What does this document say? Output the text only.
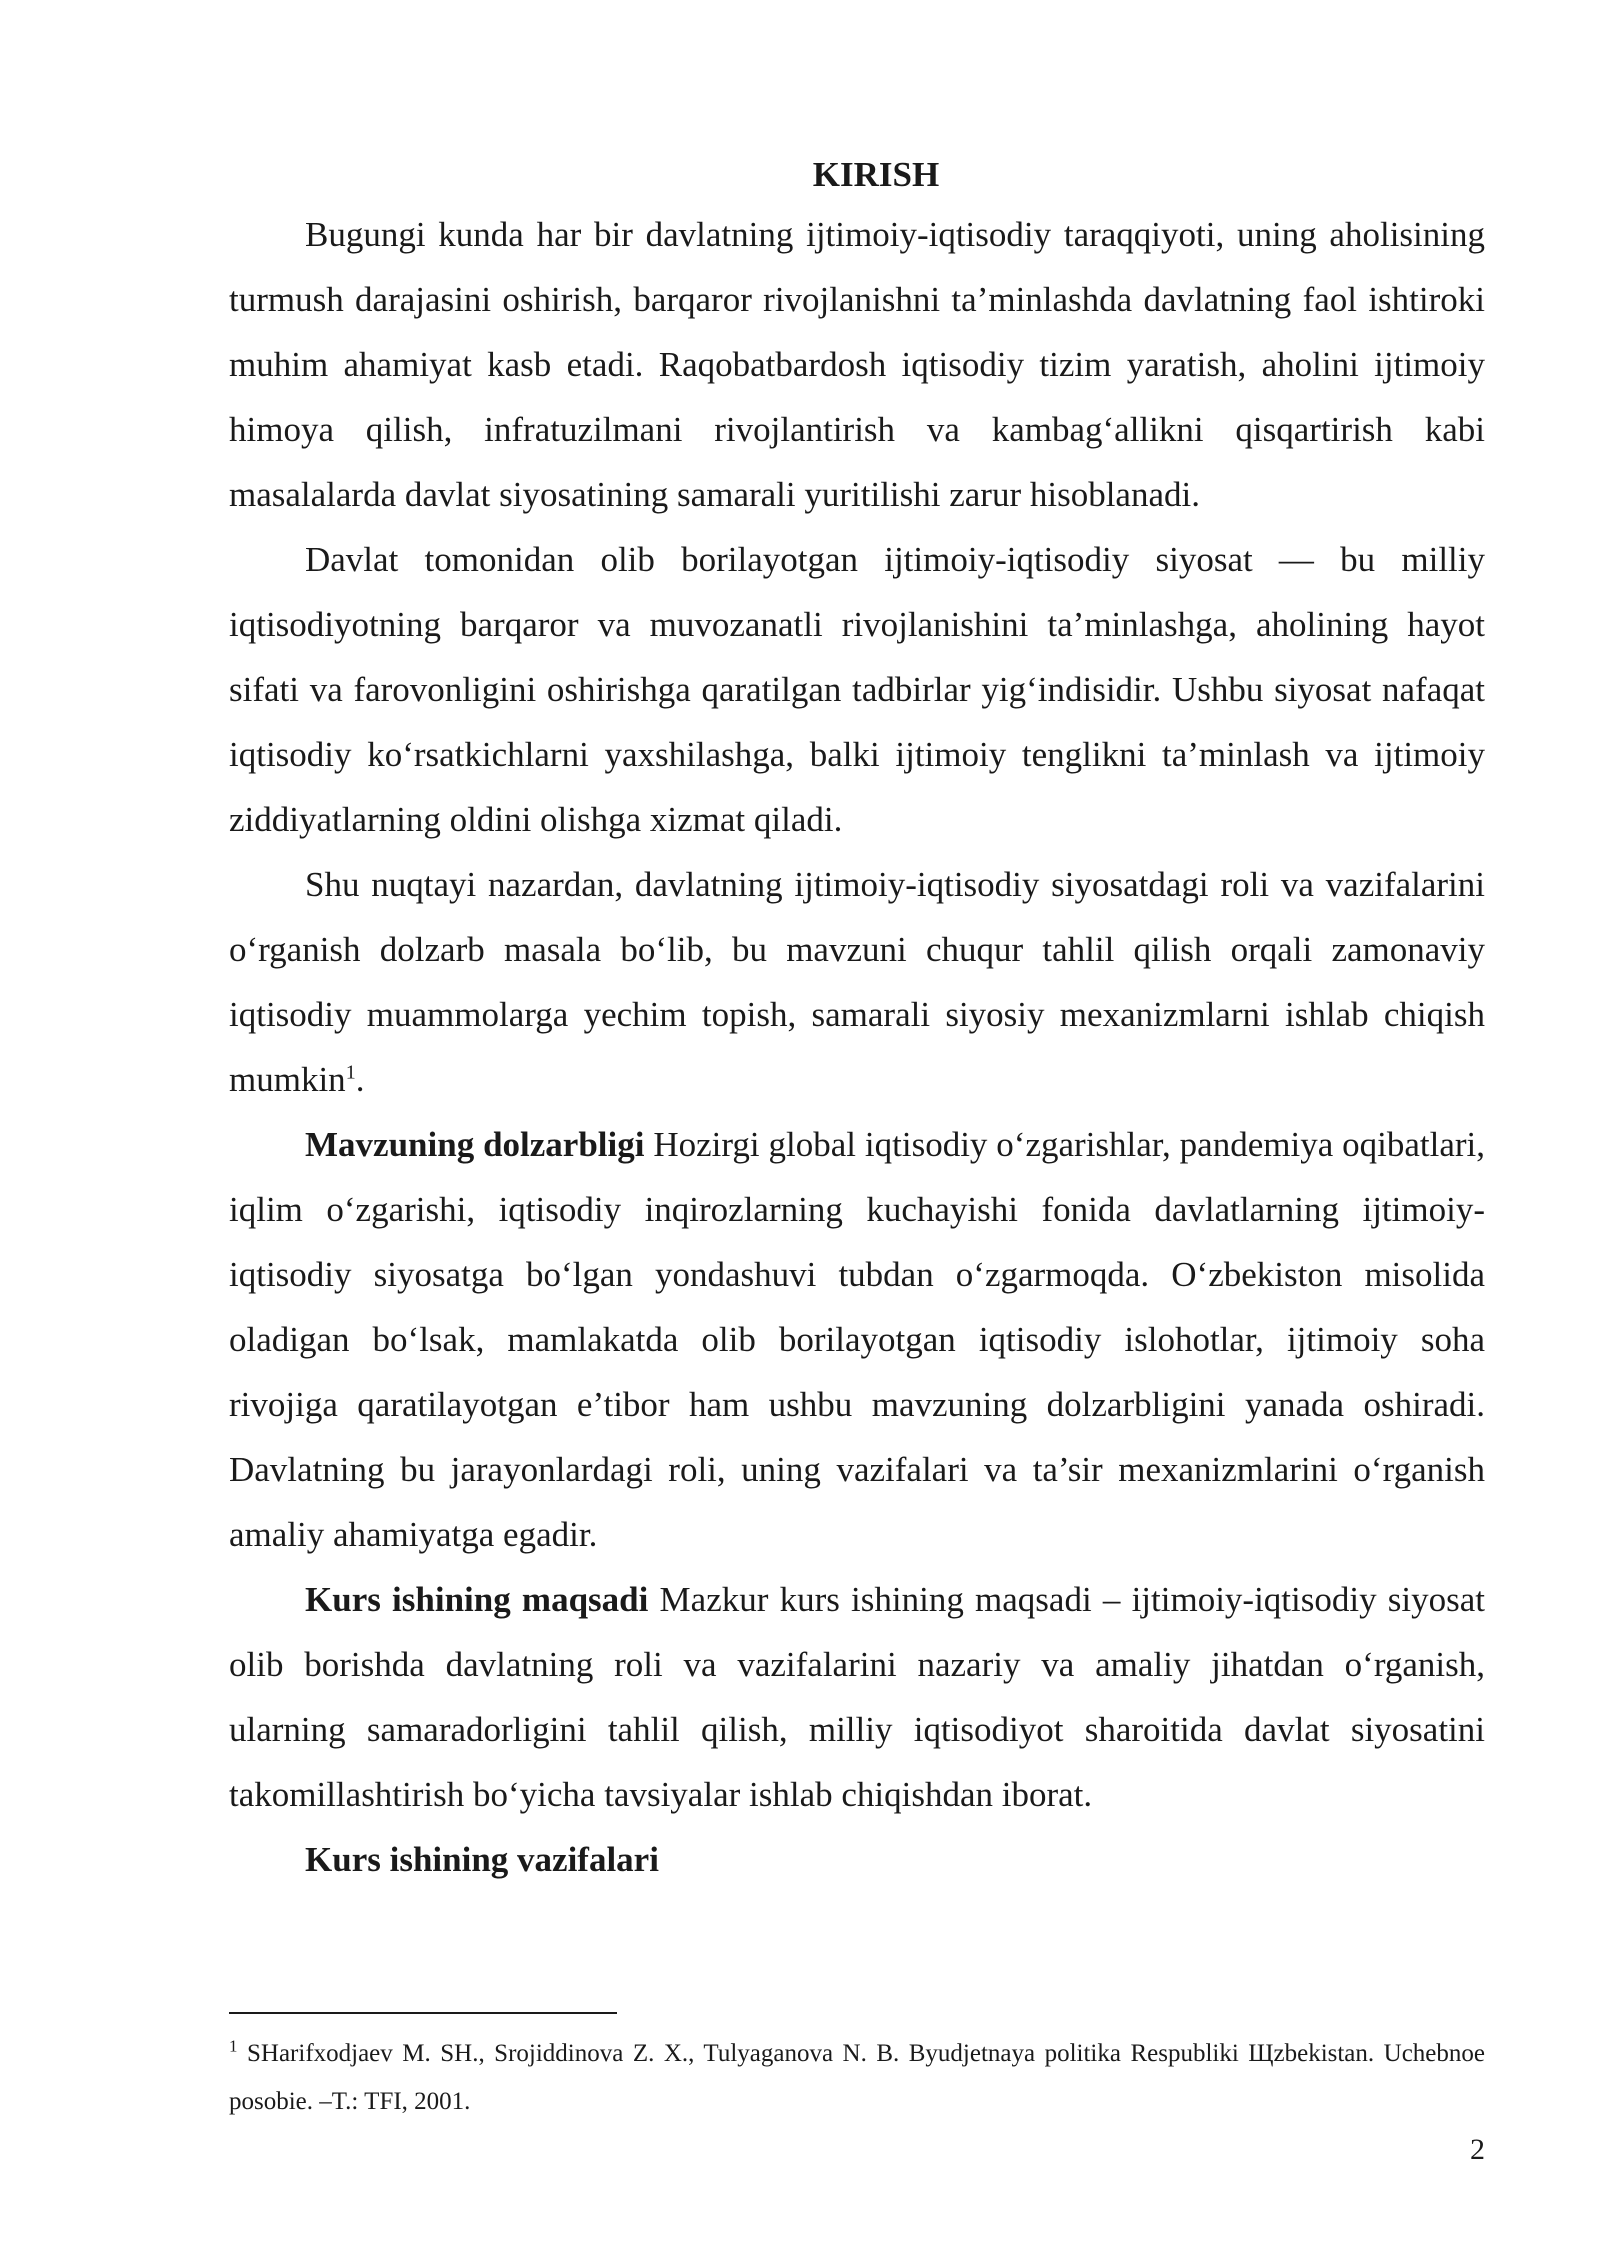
KIRISH

Bugungi kunda har bir davlatning ijtimoiy-iqtisodiy taraqqiyoti, uning aholisining turmush darajasini oshirish, barqaror rivojlanishni ta’minlashda davlatning faol ishtiroki muhim ahamiyat kasb etadi. Raqobatbardosh iqtisodiy tizim yaratish, aholini ijtimoiy himoya qilish, infratuzilmani rivojlantirish va kambag‘allikni qisqartirish kabi masalalarda davlat siyosatining samarali yuritilishi zarur hisoblanadi.

Davlat tomonidan olib borilayotgan ijtimoiy-iqtisodiy siyosat — bu milliy iqtisodiyotning barqaror va muvozanatli rivojlanishini ta’minlashga, aholining hayot sifati va farovonligini oshirishga qaratilgan tadbirlar yig‘indisidir. Ushbu siyosat nafaqat iqtisodiy ko‘rsatkichlarni yaxshilashga, balki ijtimoiy tenglikni ta’minlash va ijtimoiy ziddiyatlarning oldini olishga xizmat qiladi.

Shu nuqtayi nazardan, davlatning ijtimoiy-iqtisodiy siyosatdagi roli va vazifalarini o‘rganish dolzarb masala bo‘lib, bu mavzuni chuqur tahlil qilish orqali zamonaviy iqtisodiy muammolarga yechim topish, samarali siyosiy mexanizmlarni ishlab chiqish mumkin$^1$.

Mavzuning dolzarbligi Hozirgi global iqtisodiy o‘zgarishlar, pandemiya oqibatlari, iqlim o‘zgarishi, iqtisodiy inqirozlarning kuchayishi fonida davlatlarning ijtimoiy-iqtisodiy siyosatga bo‘lgan yondashuvi tubdan o‘zgarmoqda. O‘zbekiston misolida oladigan bo‘lsak, mamlakatda olib borilayotgan iqtisodiy islohotlar, ijtimoiy soha rivojiga qaratilayotgan e’tibor ham ushbu mavzuning dolzarbligini yanada oshiradi. Davlatning bu jarayonlardagi roli, uning vazifalari va ta’sir mexanizmlarini o‘rganish amaliy ahamiyatga egadir.

Kurs ishining maqsadi Mazkur kurs ishining maqsadi – ijtimoiy-iqtisodiy siyosat olib borishda davlatning roli va vazifalarini nazariy va amaliy jihatdan o‘rganish, ularning samaradorligini tahlil qilish, milliy iqtisodiyot sharoitida davlat siyosatini takomillashtirish bo‘yicha tavsiyalar ishlab chiqishdan iborat.

Kurs ishining vazifalari

$^1$ SHarifxodjaev M. SH., Srojiddinova Z. X., Tulyaganova N. B. Byudjetnaya politika Respubliki Щzbekistan. Uchebnoe posobie. –T.: TFI, 2001.
2
